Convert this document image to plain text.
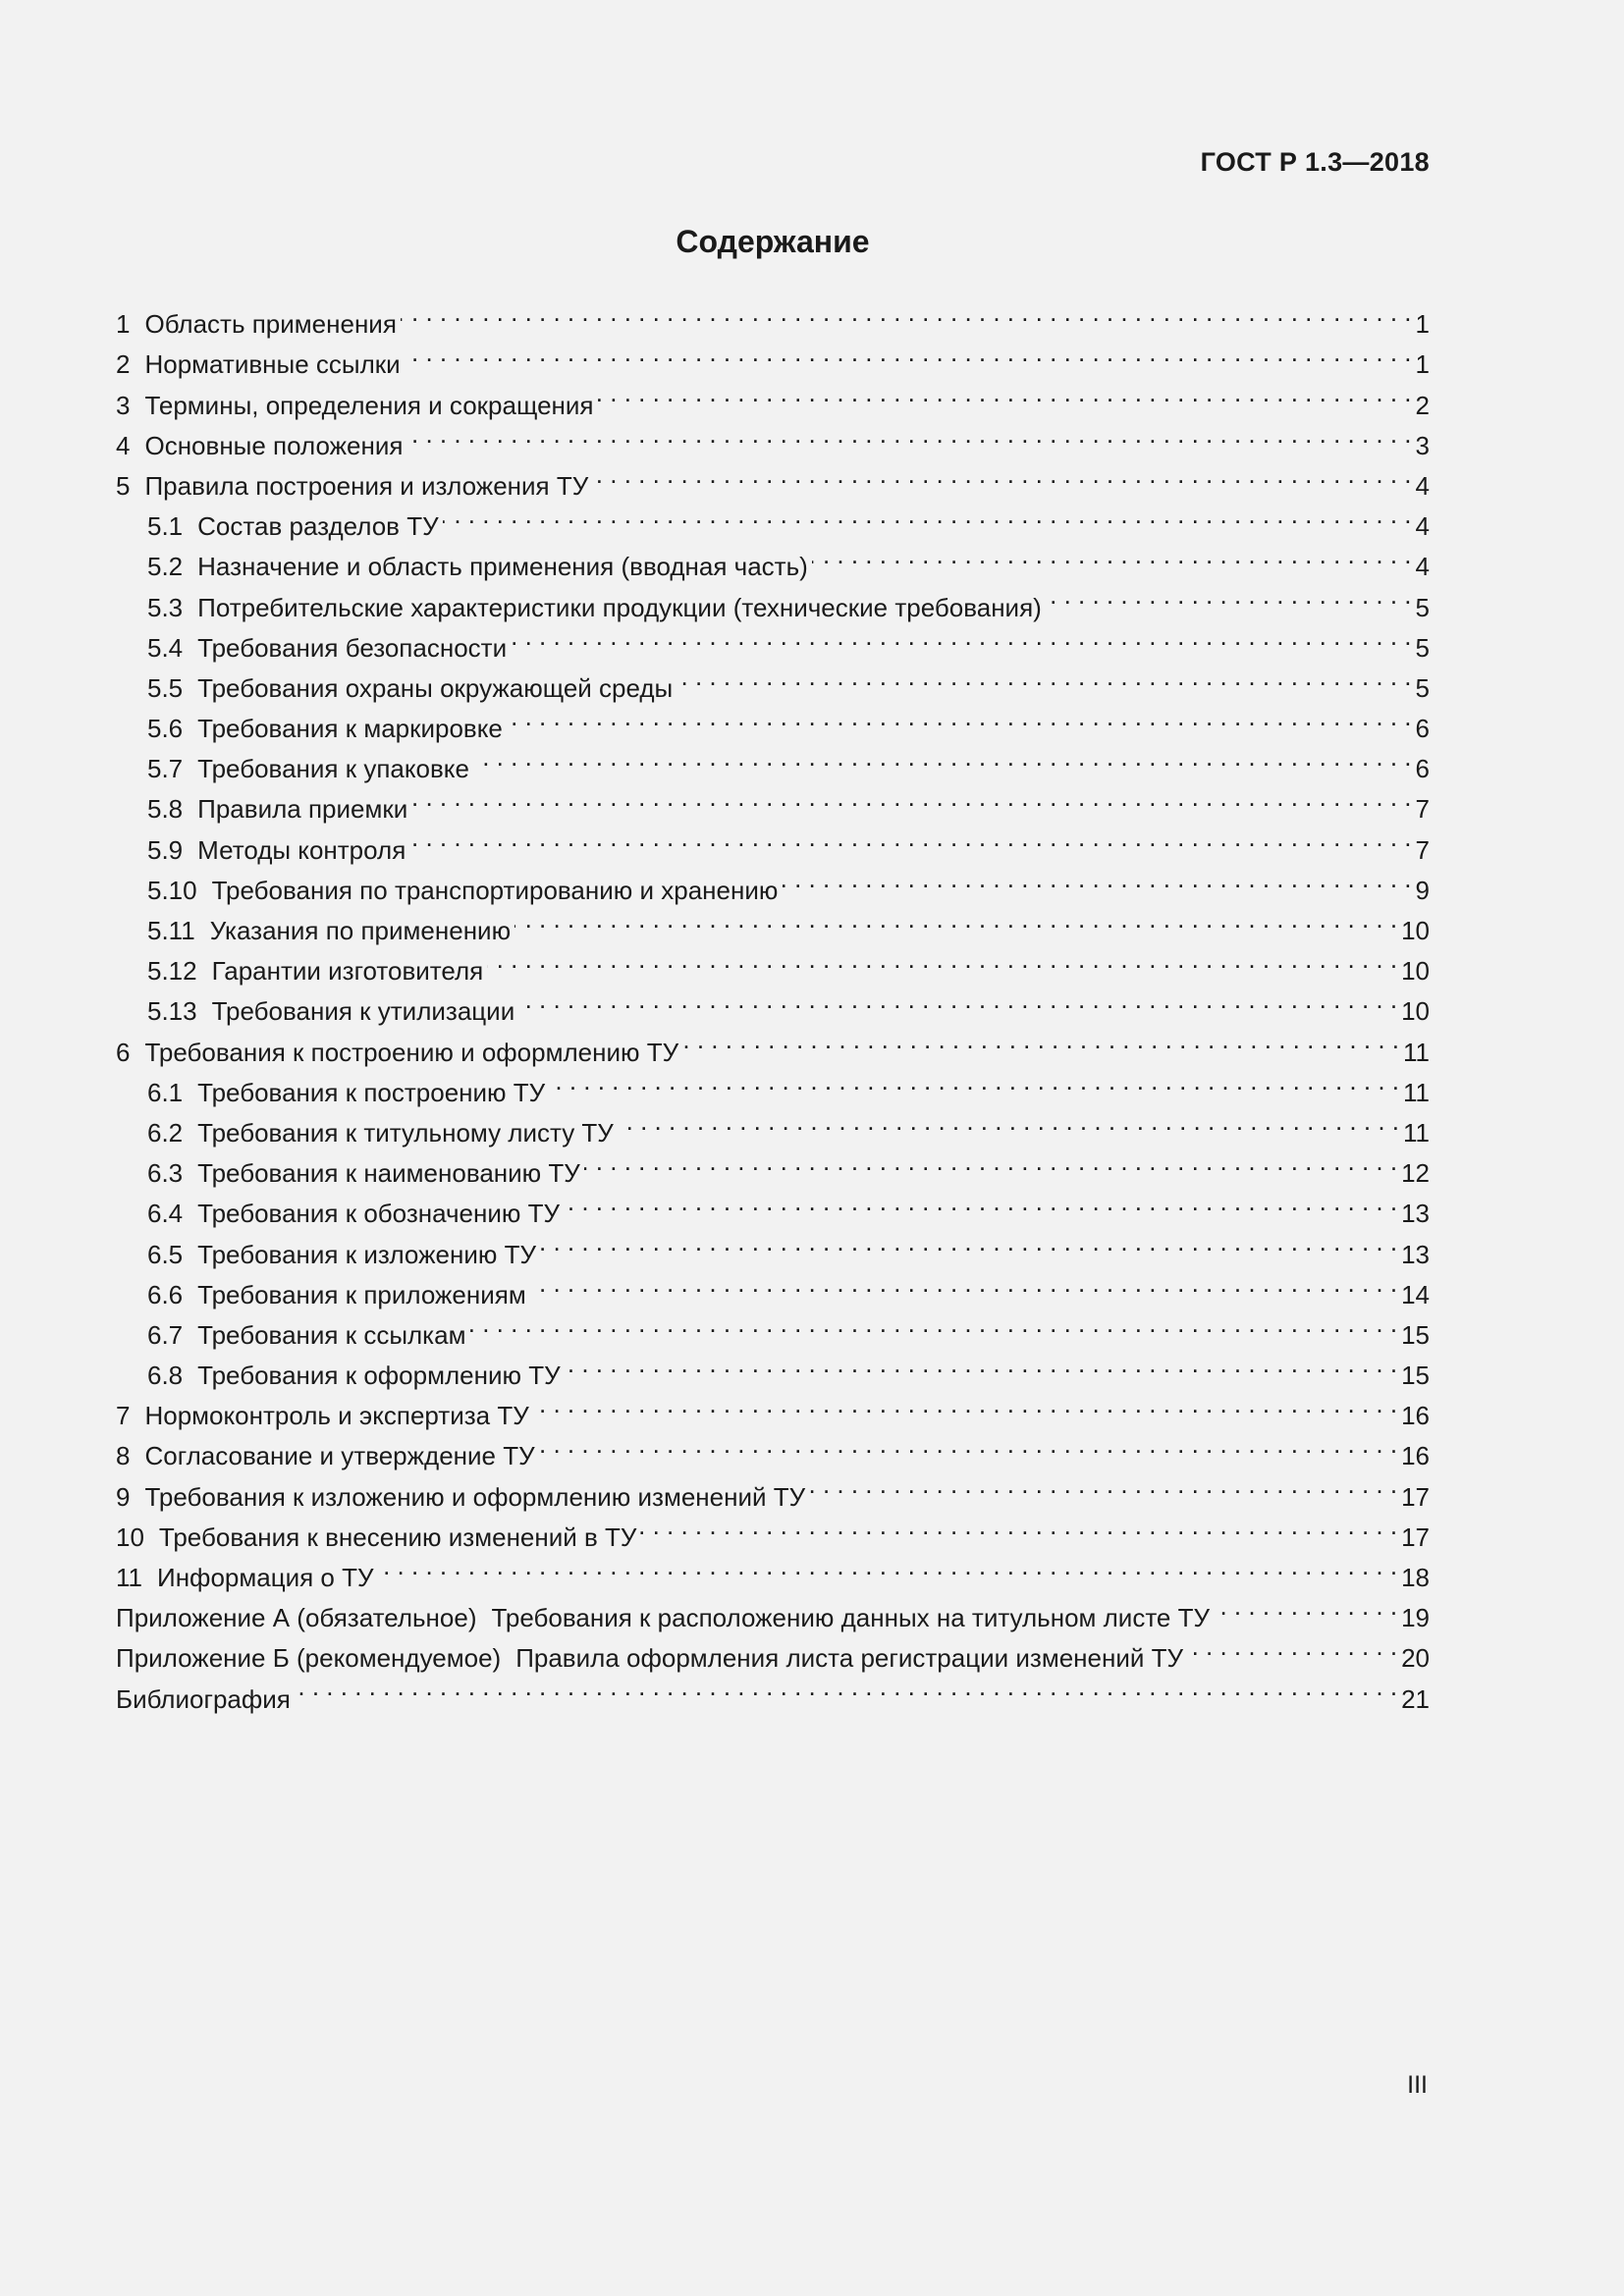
ГОСТ Р 1.3—2018
Содержание
1 Область применения . . .	1
2 Нормативные ссылки . . .	1
3 Термины, определения и сокращения . . .	2
4 Основные положения . . .	3
5 Правила построения и изложения ТУ . . .	4
5.1 Состав разделов ТУ . . .	4
5.2 Назначение и область применения (вводная часть) . . .	4
5.3 Потребительские характеристики продукции (технические требования) . . .	5
5.4 Требования безопасности . . .	5
5.5 Требования охраны окружающей среды . . .	5
5.6 Требования к маркировке . . .	6
5.7 Требования к упаковке . . .	6
5.8 Правила приемки . . .	7
5.9 Методы контроля . . .	7
5.10 Требования по транспортированию и хранению . . .	9
5.11 Указания по применению . . .	10
5.12 Гарантии изготовителя . . .	10
5.13 Требования к утилизации . . .	10
6 Требования к построению и оформлению ТУ . . .	11
6.1 Требования к построению ТУ . . .	11
6.2 Требования к титульному листу ТУ . . .	11
6.3 Требования к наименованию ТУ . . .	12
6.4 Требования к обозначению ТУ . . .	13
6.5 Требования к изложению ТУ . . .	13
6.6 Требования к приложениям . . .	14
6.7 Требования к ссылкам . . .	15
6.8 Требования к оформлению ТУ . . .	15
7 Нормоконтроль и экспертиза ТУ . . .	16
8 Согласование и утверждение ТУ . . .	16
9 Требования к изложению и оформлению изменений ТУ . . .	17
10 Требования к внесению изменений в ТУ . . .	17
11 Информация о ТУ . . .	18
Приложение А (обязательное) Требования к расположению данных на титульном листе ТУ . . .	19
Приложение Б (рекомендуемое) Правила оформления листа регистрации изменений ТУ . . .	20
Библиография . . .	21
III
